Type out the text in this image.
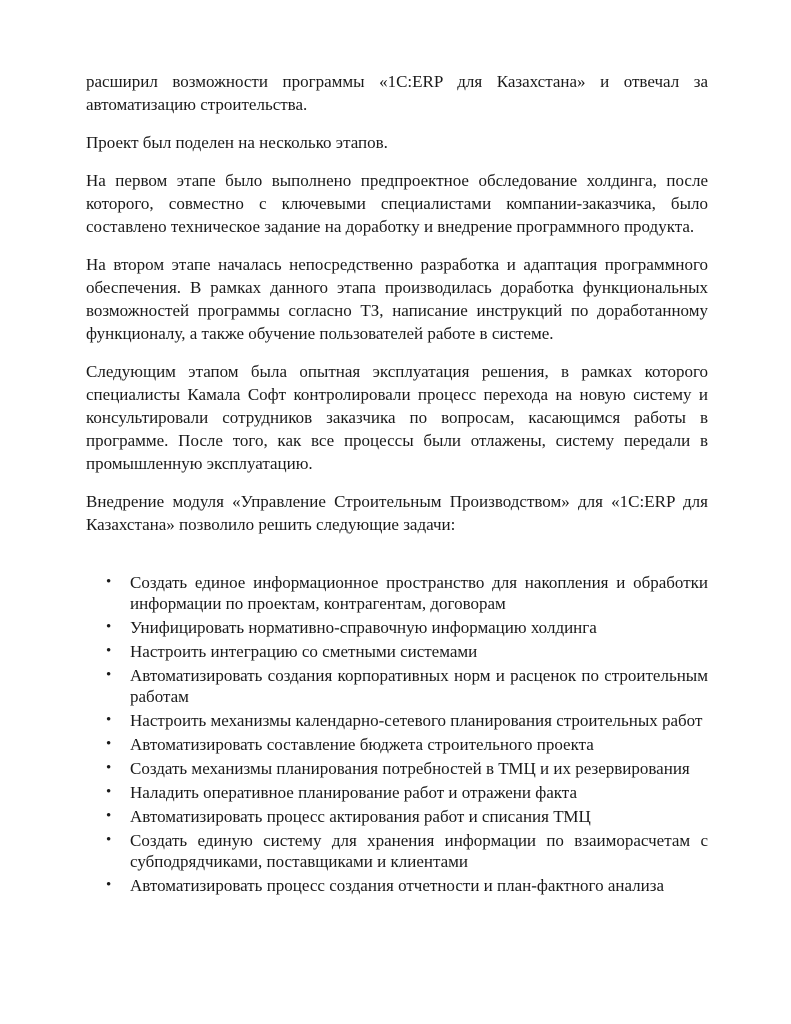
расширил возможности программы «1С:ERP для Казахстана» и отвечал за автоматизацию строительства.

Проект был поделен на несколько этапов.

На первом этапе было выполнено предпроектное обследование холдинга, после которого, совместно с ключевыми специалистами компании-заказчика, было составлено техническое задание на доработку и внедрение программного продукта.

На втором этапе началась непосредственно разработка и адаптация программного обеспечения. В рамках данного этапа производилась доработка функциональных возможностей программы согласно ТЗ, написание инструкций по доработанному функционалу, а также обучение пользователей работе в системе.

Следующим этапом была опытная эксплуатация решения, в рамках которого специалисты Камала Софт контролировали процесс перехода на новую систему и консультировали сотрудников заказчика по вопросам, касающимся работы в программе. После того, как все процессы были отлажены, систему передали в промышленную эксплуатацию.

Внедрение модуля «Управление Строительным Производством» для «1С:ERP для Казахстана» позволило решить следующие задачи:

• Создать единое информационное пространство для накопления и обработки информации по проектам, контрагентам, договорам
• Унифицировать нормативно-справочную информацию холдинга
• Настроить интеграцию со сметными системами
• Автоматизировать создания корпоративных норм и расценок по строительным работам
• Настроить механизмы календарно-сетевого планирования строительных работ
• Автоматизировать составление бюджета строительного проекта
• Создать механизмы планирования потребностей в ТМЦ и их резервирования
• Наладить оперативное планирование работ и отражени факта
• Автоматизировать процесс актирования работ и списания ТМЦ
• Создать единую систему для хранения информации по взаиморасчетам с субподрядчиками, поставщиками и клиентами
• Автоматизировать процесс создания отчетности и план-фактного анализа
